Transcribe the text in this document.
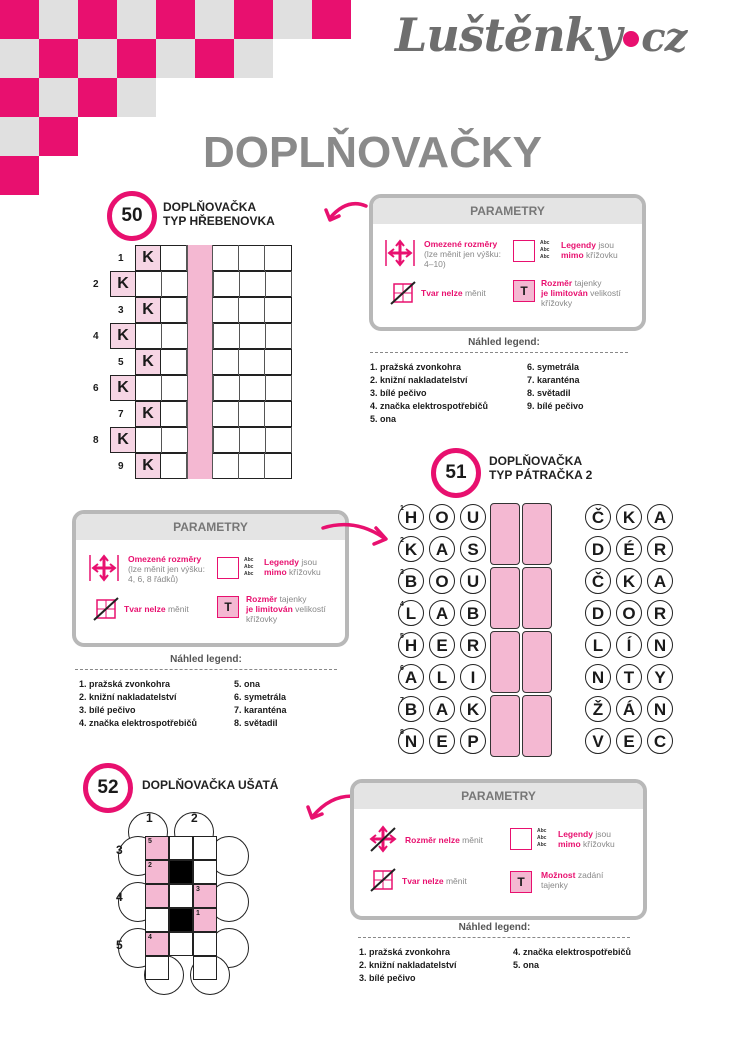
Luštěnky cz
DOPLŇOVAČKY
50	DOPLŇOVAČKA
TYP HŘEBENOVKA
K
1
K
2
K
3
K
4
K
5
K
6
K
7
K
8
K
9
PARAMETRY
Omezené rozměry
(lze měnit jen výšku: 4–10)
Abc
Abc
Abc
Legendy jsou
mimo křížovku
Tvar nelze měnit	T
Rozměr tajenky
je limitován velikostí křížovky
Náhled legend:
1. pražská zvonkohra
2. knižní nakladatelství
3. bílé pečivo
4. značka elektrospotřebičů
5. ona
6. symetrála
7. karanténa
8. světadil
9. bílé pečivo
51
DOPLŇOVAČKA
TYP PÁTRAČKA 2
PARAMETRY
Omezené rozměry
(lze měnit jen výšku: 4, 6, 8 řádků)
Abc
Abc
Abc
Legendy jsou
mimo křížovku
Tvar nelze měnit	T
Rozměr tajenky
je limitován velikostí křížovky
Náhled legend:
1. pražská zvonkohra
2. knižní nakladatelství
3. bílé pečivo
4. značka elektrospotřebičů
5. ona
6. symetrála
7. karanténa
8. světadil
H	O	U	Č	K	A
1
K	A	S	D	É	R
2
B	O	U	Č	K	A
3
L	A	B	D	O	R
4
H	E	R	L	Í	N
5
A	L	I	N	T	Y
6
B	A	K	Ž	Á	N
7
N	E	P	V	E	C
8
52	DOPLŇOVAČKA UŠATÁ
1	2
3
4
5
5
2
3
1
4
PARAMETRY
Rozměr nelze měnit
Abc
Abc
Abc
Legendy jsou
mimo křížovku
Tvar nelze měnit	T	Možnost zadání tajenky
Náhled legend:
1. pražská zvonkohra
2. knižní nakladatelství
3. bílé pečivo
4. značka elektrospotřebičů
5. ona
